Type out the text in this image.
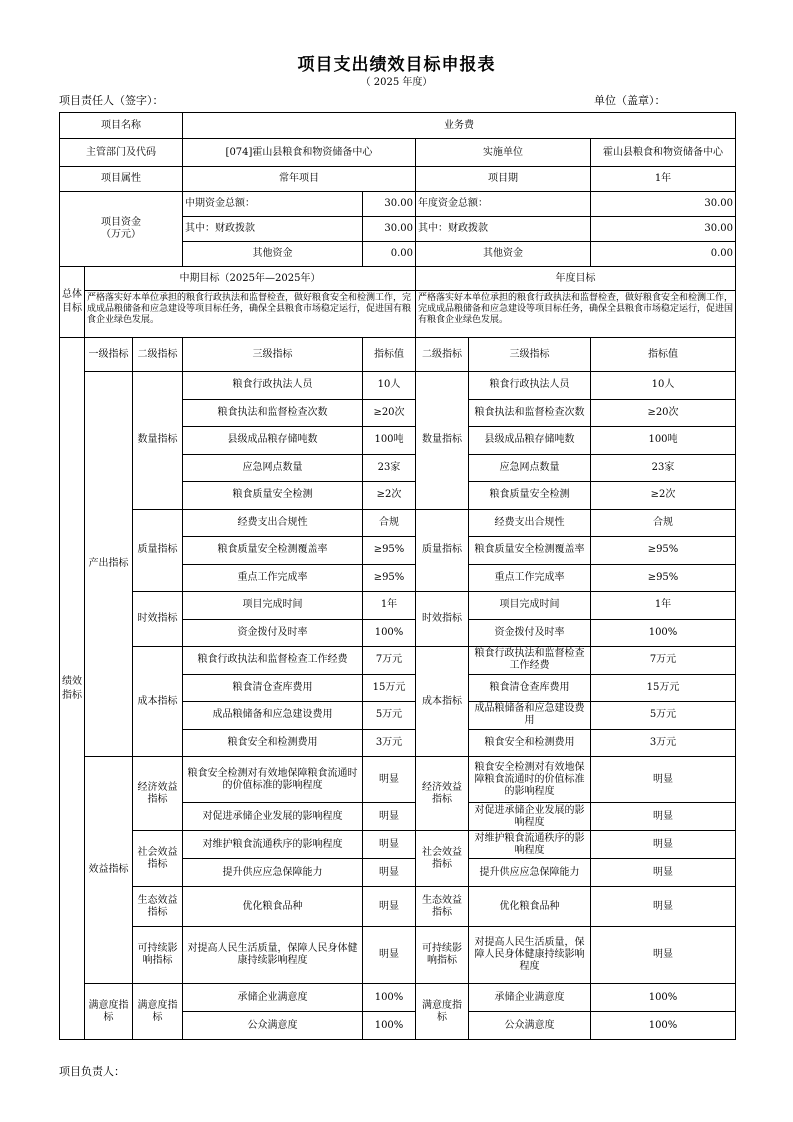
项目支出绩效目标申报表
（ 2025 年度）
项目责任人（签字）：	单位（盖章）：
项目名称			业务费				
主管部门及代码			[074]霍山县粮食和物资储备中心		实施单位		霍山县粮食和物资储备中心
项目属性			常年项目		项目期		1年

项目资金
（万元）			中期资金总额：	30.00	年度资金总额：		30.00
			其中：财政拨款	30.00	其中：财政拨款		30.00
			其他资金	0.00	其他资金		0.00
总体目标	中期目标（2025年—2025年）				年度目标		
	严格落实好本单位承担的粮食行政执法和监督检查，做好粮食安全和检测工作，完成成品粮储备和应急建设等项目标任务，确保全县粮食市场稳定运行，促进国有粮食企业绿色发展。				严格落实好本单位承担的粮食行政执法和监督检查，做好粮食安全和检测工作，完成成品粮储备和应急建设等项目标任务，确保全县粮食市场稳定运行，促进国有粮食企业绿色发展。		
绩效指标	一级指标	二级指标	三级指标	指标值	二级指标	三级指标	指标值
	产出指标	数量指标	粮食行政执法人员	10人	数量指标	粮食行政执法人员	10人
			粮食执法和监督检查次数	≥20次		粮食执法和监督检查次数	≥20次
			县级成品粮存储吨数	100吨		县级成品粮存储吨数	100吨
			应急网点数量	23家		应急网点数量	23家
			粮食质量安全检测	≥2次		粮食质量安全检测	≥2次
		质量指标	经费支出合规性	合规	质量指标	经费支出合规性	合规
			粮食质量安全检测覆盖率	≥95%		粮食质量安全检测覆盖率	≥95%
			重点工作完成率	≥95%		重点工作完成率	≥95%
		时效指标	项目完成时间	1年	时效指标	项目完成时间	1年
			资金拨付及时率	100%		资金拨付及时率	100%
		成本指标	粮食行政执法和监督检查工作经费	7万元	成本指标	粮食行政执法和监督检查工作经费	7万元
			粮食清仓查库费用	15万元		粮食清仓查库费用	15万元
			成品粮储备和应急建设费用	5万元		成品粮储备和应急建设费用	5万元
			粮食安全和检测费用	3万元		粮食安全和检测费用	3万元
	效益指标	经济效益指标	粮食安全检测对有效地保障粮食流通时的价值标准的影响程度	明显	经济效益指标	粮食安全检测对有效地保障粮食流通时的价值标准的影响程度	明显
			对促进承储企业发展的影响程度	明显		对促进承储企业发展的影响程度	明显
		社会效益指标	对维护粮食流通秩序的影响程度	明显	社会效益指标	对维护粮食流通秩序的影响程度	明显
			提升供应应急保障能力	明显		提升供应应急保障能力	明显
		生态效益指标	优化粮食品种	明显	生态效益指标	优化粮食品种	明显
		可持续影响指标	对提高人民生活质量，保障人民身体健康持续影响程度	明显	可持续影响指标	对提高人民生活质量，保障人民身体健康持续影响程度	明显
	满意度指标	满意度指标	承储企业满意度	100%	满意度指标	承储企业满意度	100%
			公众满意度	100%		公众满意度	100%
项目负责人：
